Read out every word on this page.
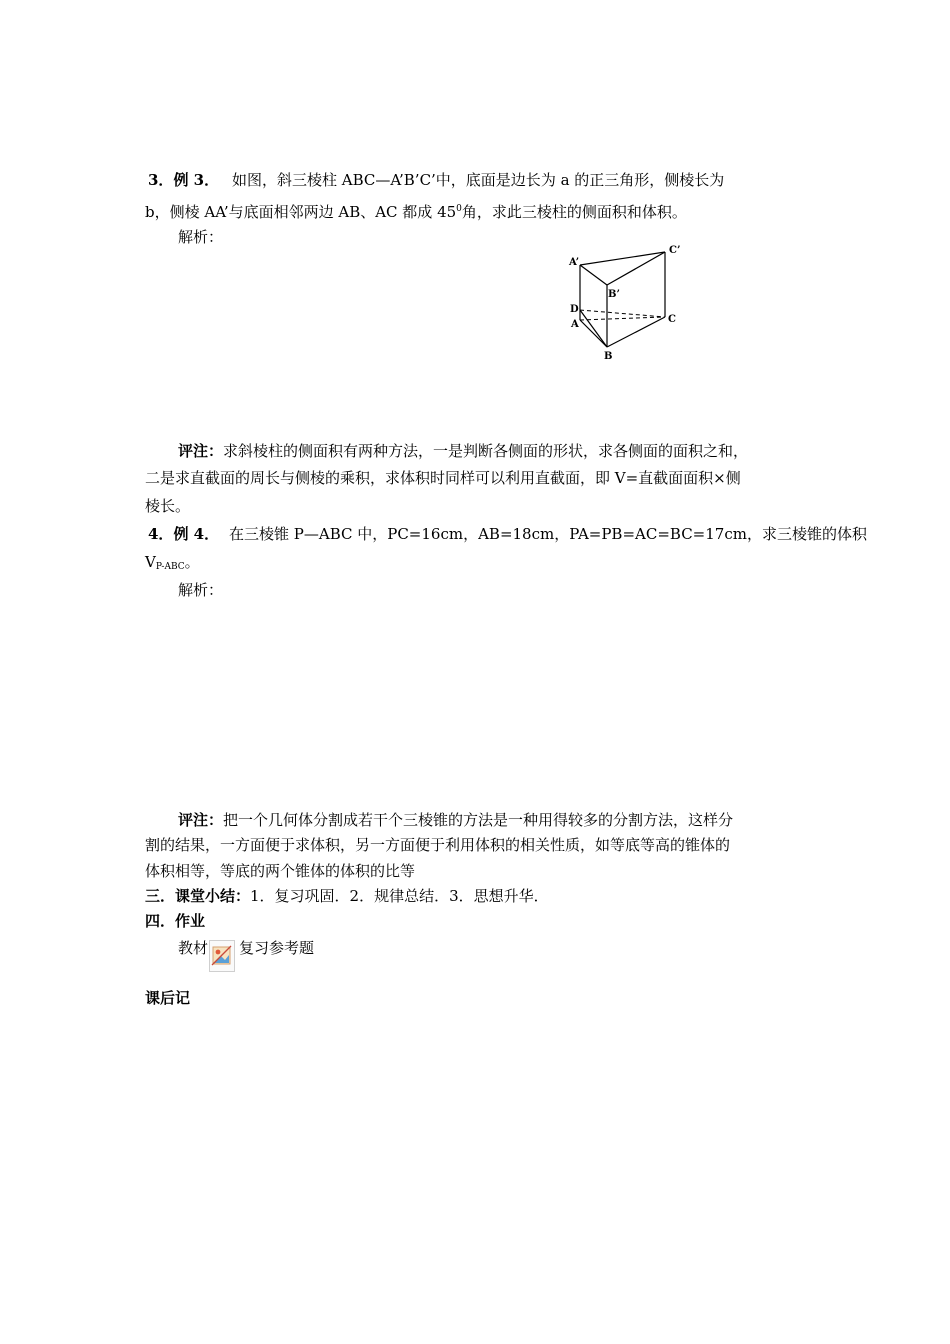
3．例 3． 如图，斜三棱柱 ABC—A’B’C’中，底面是边长为 a 的正三角形，侧棱长为
b，侧棱 AA’与底面相邻两边 AB、AC 都成 $45^0$角，求此三棱柱的侧面积和体积。
解析：
A’
C’
B’
D
A	C
B
评注：求斜棱柱的侧面积有两种方法，一是判断各侧面的形状，求各侧面的面积之和，
二是求直截面的周长与侧棱的乘积，求体积时同样可以利用直截面，即 V=直截面面积×侧
棱长。
4．例 4． 在三棱锥 P—ABC 中，PC=16cm，AB=18cm，PA=PB=AC=BC=17cm，求三棱锥的体积
$V_{P-ABC}$。
解析：
评注：把一个几何体分割成若干个三棱锥的方法是一种用得较多的分割方法，这样分
割的结果，一方面便于求体积，另一方面便于利用体积的相关性质，如等底等高的锥体的
体积相等，等底的两个锥体的体积的比等
三．课堂小结：1．复习巩固．2．规律总结．3．思想升华．
四．作业
教材 复习参考题
课后记
